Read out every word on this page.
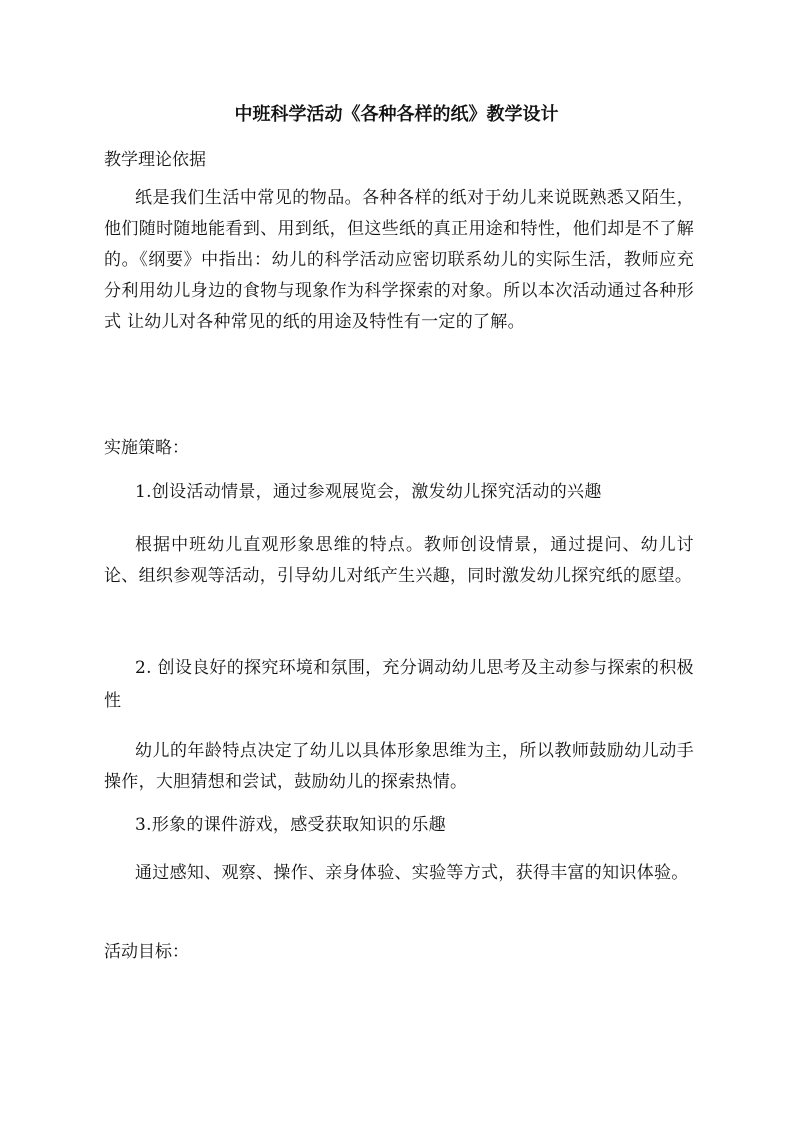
中班科学活动《各种各样的纸》教学设计
教学理论依据
纸是我们生活中常见的物品。各种各样的纸对于幼儿来说既熟悉又陌生，他们随时随地能看到、用到纸，但这些纸的真正用途和特性，他们却是不了解的。《纲要》中指出：幼儿的科学活动应密切联系幼儿的实际生活，教师应充分利用幼儿身边的食物与现象作为科学探索的对象。所以本次活动通过各种形式 让幼儿对各种常见的纸的用途及特性有一定的了解。
实施策略：
1.创设活动情景，通过参观展览会，激发幼儿探究活动的兴趣
根据中班幼儿直观形象思维的特点。教师创设情景，通过提问、幼儿讨论、组织参观等活动，引导幼儿对纸产生兴趣，同时激发幼儿探究纸的愿望。
2. 创设良好的探究环境和氛围，充分调动幼儿思考及主动参与探索的积极性
幼儿的年龄特点决定了幼儿以具体形象思维为主，所以教师鼓励幼儿动手操作，大胆猜想和尝试，鼓励幼儿的探索热情。
3.形象的课件游戏，感受获取知识的乐趣
通过感知、观察、操作、亲身体验、实验等方式，获得丰富的知识体验。
活动目标：
